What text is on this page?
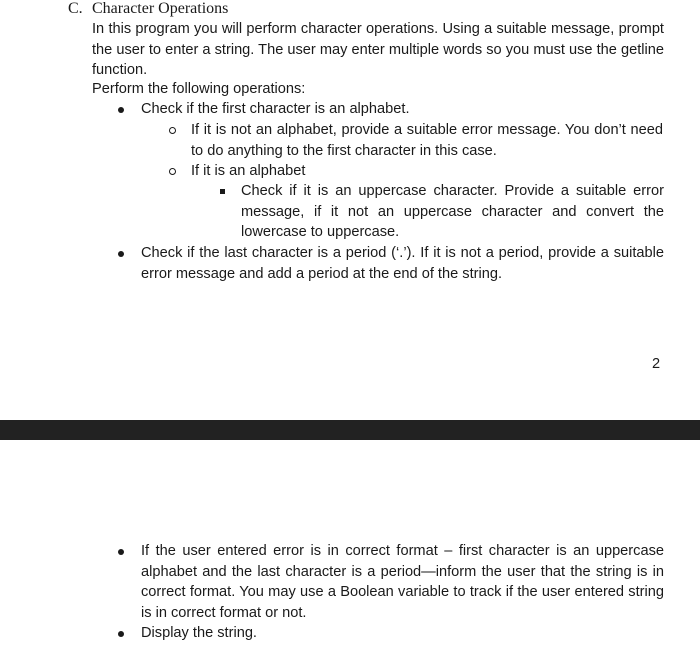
C. Character Operations
In this program you will perform character operations. Using a suitable message, prompt the user to enter a string. The user may enter multiple words so you must use the getline function.
Perform the following operations:
Check if the first character is an alphabet.
If it is not an alphabet, provide a suitable error message. You don’t need to do anything to the first character in this case.
If it is an alphabet
Check if it is an uppercase character. Provide a suitable error message, if it not an uppercase character and convert the lowercase to uppercase.
Check if the last character is a period (‘.’). If it is not a period, provide a suitable error message and add a period at the end of the string.
2
If the user entered error is in correct format – first character is an uppercase alphabet and the last character is a period—inform the user that the string is in correct format. You may use a Boolean variable to track if the user entered string is in correct format or not.
Display the string.
